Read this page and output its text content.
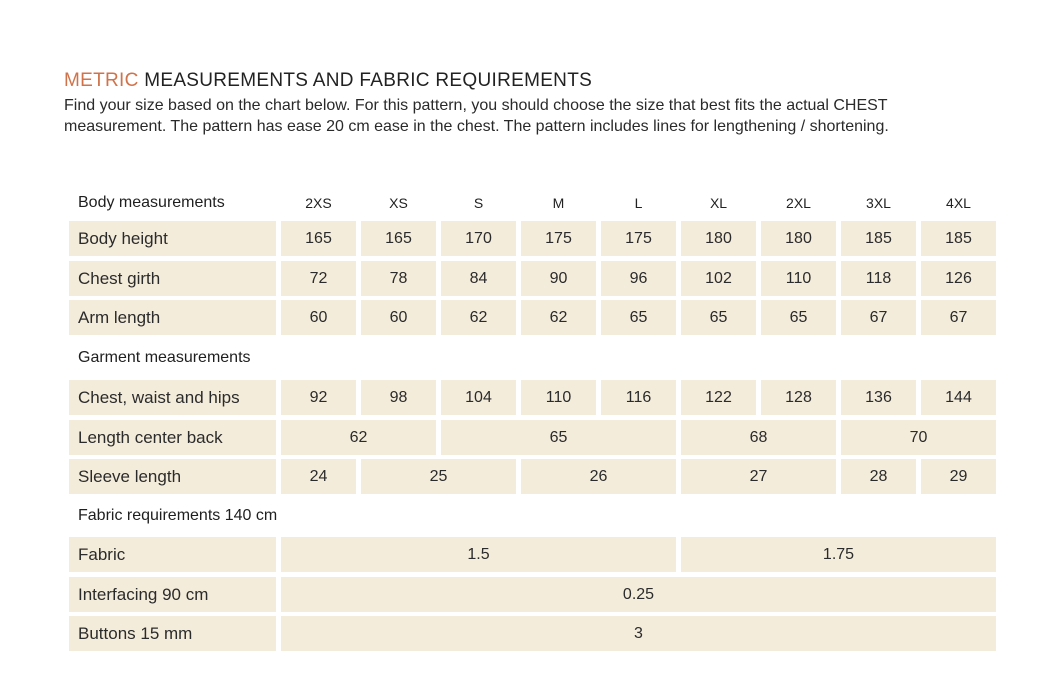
METRIC MEASUREMENTS AND FABRIC REQUIREMENTS
Find your size based on the chart below. For this pattern, you should choose the size that best fits the actual CHEST
measurement. The pattern has ease 20 cm ease in the chest. The pattern includes lines for lengthening / shortening.
Body measurements	2XS	XS	S	M	L	XL	2XL	3XL	4XL
Body height	165	165	170	175	175	180	180	185	185
Chest girth	72	78	84	90	96	102	110	118	126
Arm length	60	60	62	62	65	65	65	67	67
Garment measurements
Chest, waist and hips	92	98	104	110	116	122	128	136	144
Length center back	62	65	68	70
Sleeve length	24	25	26	27	28	29
Fabric requirements 140 cm
Fabric	1.5	1.75
Interfacing 90 cm	0.25
Buttons 15 mm	3
